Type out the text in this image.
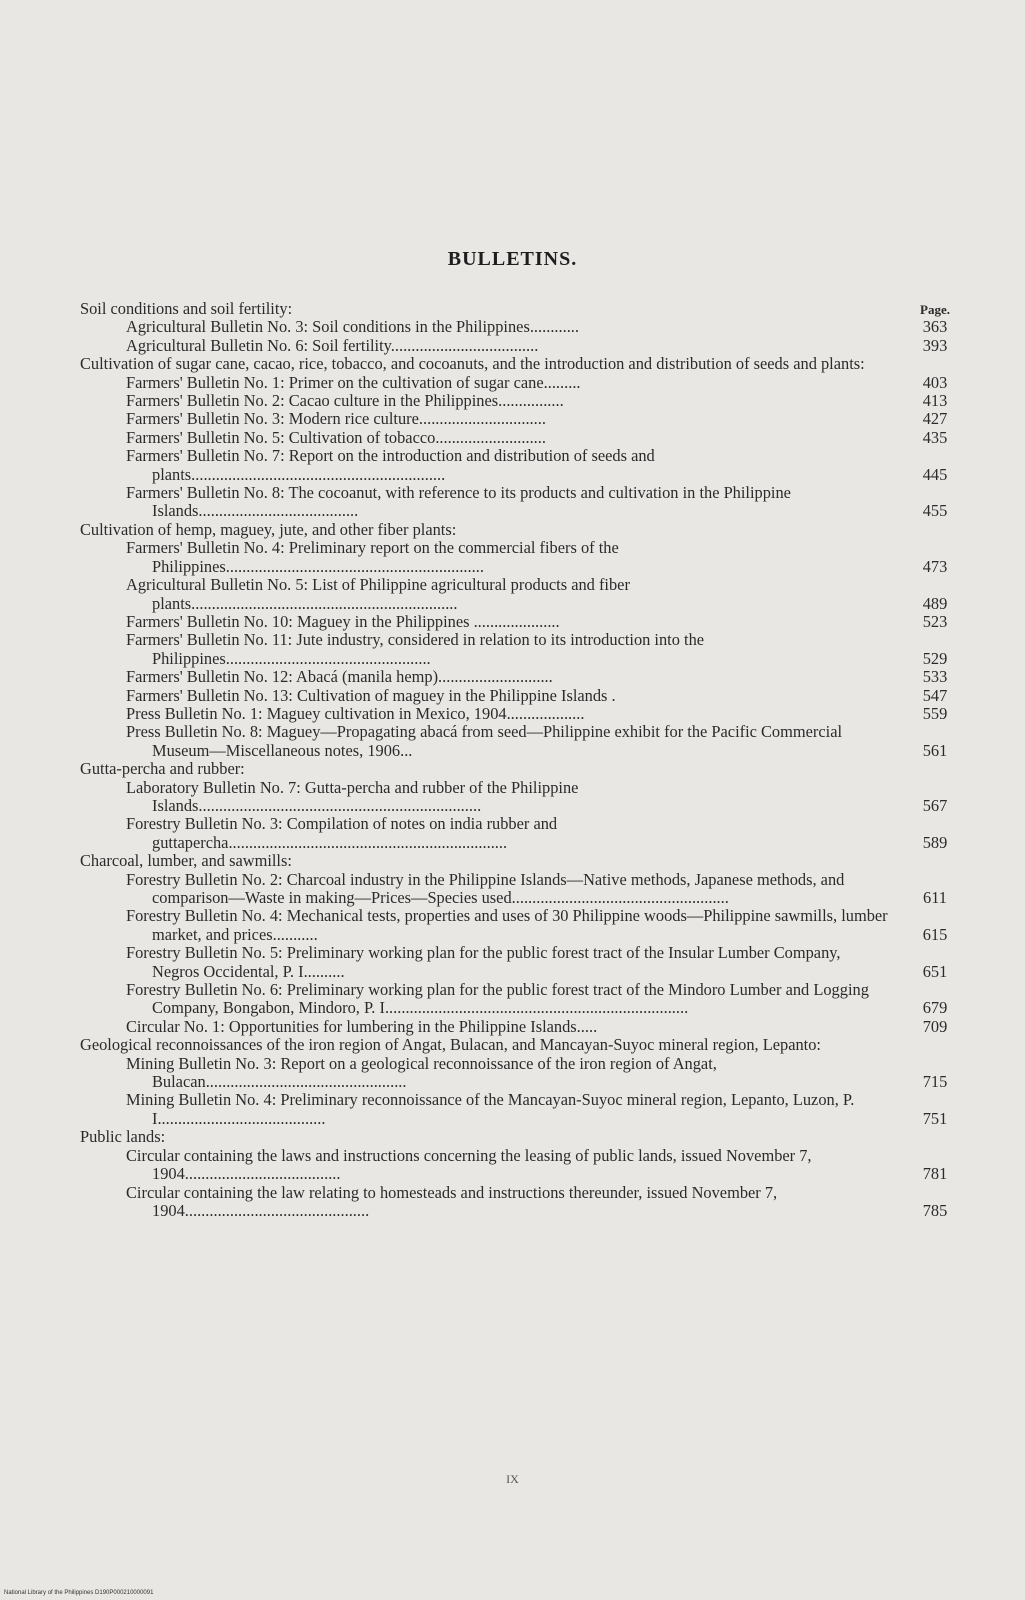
BULLETINS.
Page.
Soil conditions and soil fertility:
Agricultural Bulletin No. 3: Soil conditions in the Philippines............	363
Agricultural Bulletin No. 6: Soil fertility....................................	393
Cultivation of sugar cane, cacao, rice, tobacco, and cocoanuts, and the introduction and distribution of seeds and plants:
Farmers' Bulletin No. 1: Primer on the cultivation of sugar cane.........	403
Farmers' Bulletin No. 2: Cacao culture in the Philippines................	413
Farmers' Bulletin No. 3: Modern rice culture...............................	427
Farmers' Bulletin No. 5: Cultivation of tobacco...........................	435
Farmers' Bulletin No. 7: Report on the introduction and distribution of seeds and plants..............................................................	445
Farmers' Bulletin No. 8: The cocoanut, with reference to its products and cultivation in the Philippine Islands.......................................	455
Cultivation of hemp, maguey, jute, and other fiber plants:
Farmers' Bulletin No. 4: Preliminary report on the commercial fibers of the Philippines...............................................................	473
Agricultural Bulletin No. 5: List of Philippine agricultural products and fiber plants.................................................................	489
Farmers' Bulletin No. 10: Maguey in the Philippines .....................	523
Farmers' Bulletin No. 11: Jute industry, considered in relation to its introduction into the Philippines..................................................	529
Farmers' Bulletin No. 12: Abacá (manila hemp)............................	533
Farmers' Bulletin No. 13: Cultivation of maguey in the Philippine Islands .	547
Press Bulletin No. 1: Maguey cultivation in Mexico, 1904...................	559
Press Bulletin No. 8: Maguey—Propagating abacá from seed—Philippine exhibit for the Pacific Commercial Museum—Miscellaneous notes, 1906...	561
Gutta-percha and rubber:
Laboratory Bulletin No. 7: Gutta-percha and rubber of the Philippine Islands.....................................................................	567
Forestry Bulletin No. 3: Compilation of notes on india rubber and guttapercha....................................................................	589
Charcoal, lumber, and sawmills:
Forestry Bulletin No. 2: Charcoal industry in the Philippine Islands—Native methods, Japanese methods, and comparison—Waste in making—Prices—Species used.....................................................	611
Forestry Bulletin No. 4: Mechanical tests, properties and uses of 30 Philippine woods—Philippine sawmills, lumber market, and prices...........	615
Forestry Bulletin No. 5: Preliminary working plan for the public forest tract of the Insular Lumber Company, Negros Occidental, P. I..........	651
Forestry Bulletin No. 6: Preliminary working plan for the public forest tract of the Mindoro Lumber and Logging Company, Bongabon, Mindoro, P. I..........................................................................	679
Circular No. 1: Opportunities for lumbering in the Philippine Islands.....	709
Geological reconnoissances of the iron region of Angat, Bulacan, and Mancayan-Suyoc mineral region, Lepanto:
Mining Bulletin No. 3: Report on a geological reconnoissance of the iron region of Angat, Bulacan.................................................	715
Mining Bulletin No. 4: Preliminary reconnoissance of the Mancayan-Suyoc mineral region, Lepanto, Luzon, P. I.........................................	751
Public lands:
Circular containing the laws and instructions concerning the leasing of public lands, issued November 7, 1904......................................	781
Circular containing the law relating to homesteads and instructions thereunder, issued November 7, 1904.............................................	785
IX
National Library of the Philippines D190P000210000091
